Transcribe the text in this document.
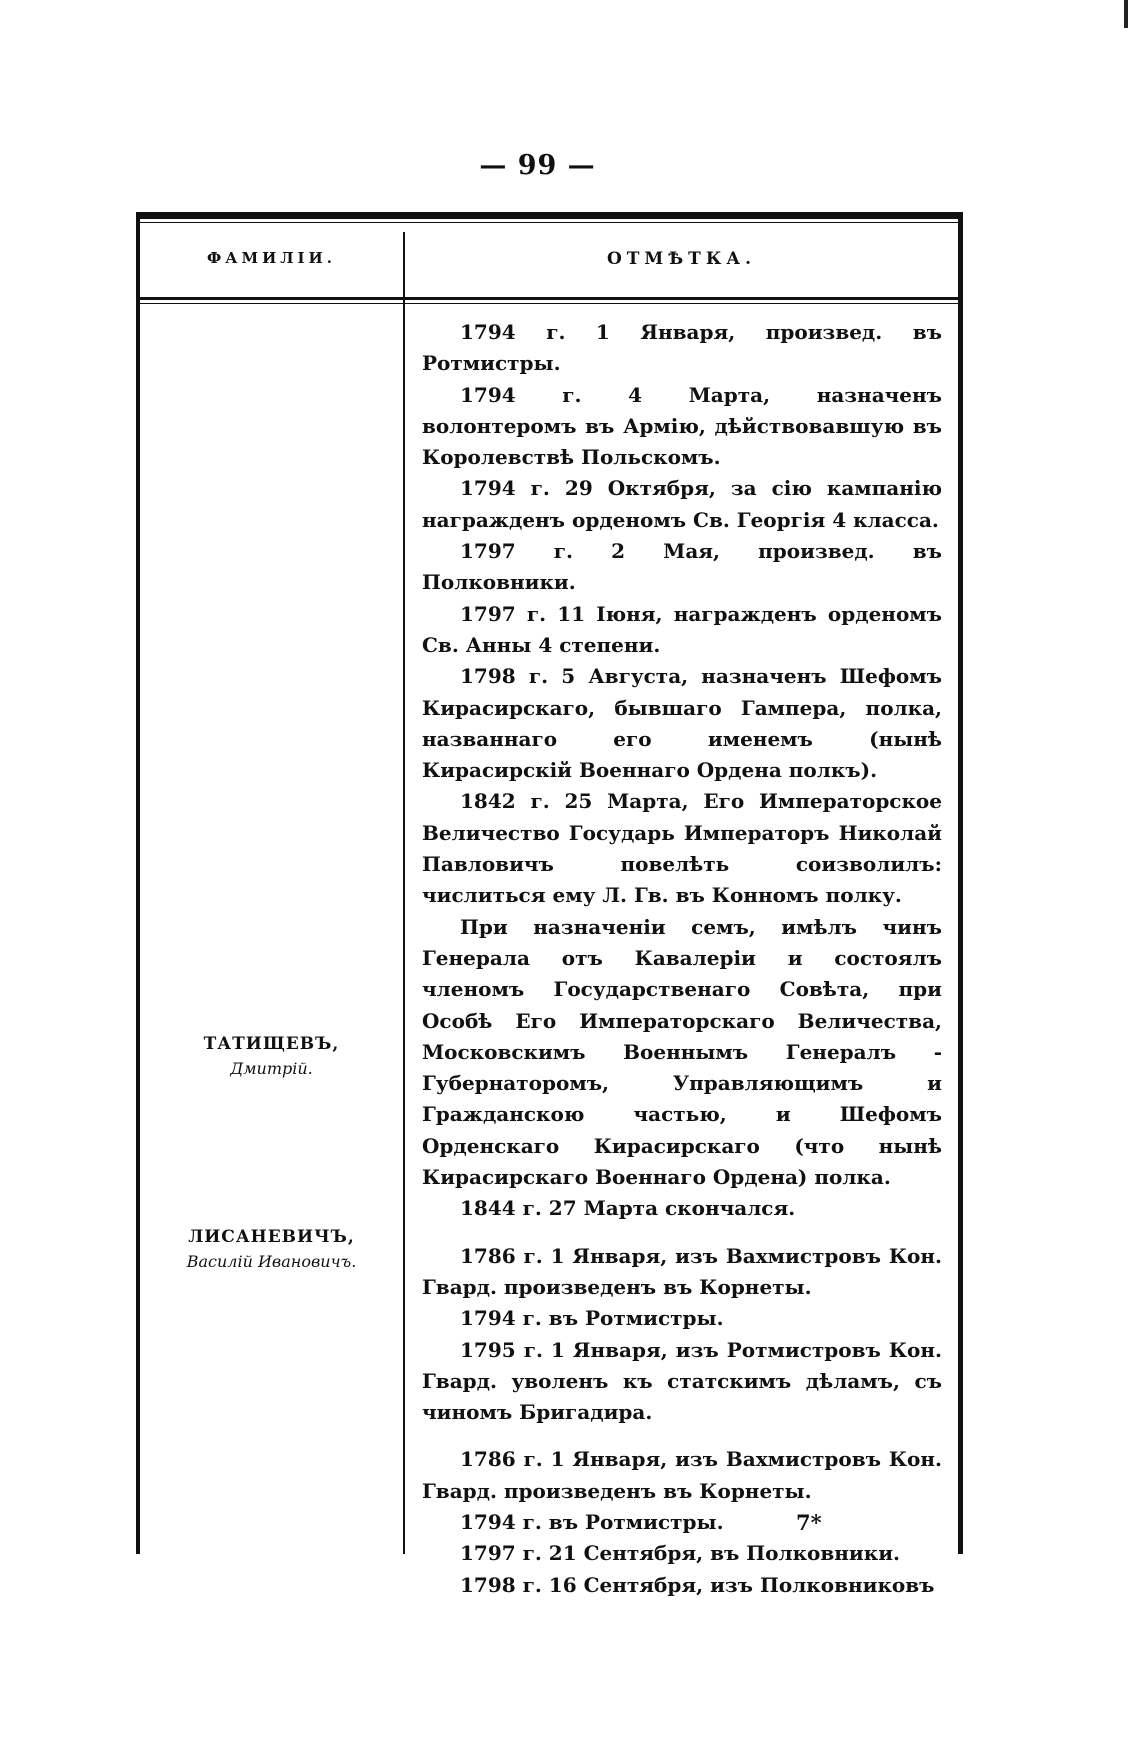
— 99 —
ФАМИЛІИ.	ОТМѢТКА.
ТАТИЩЕВЪ,
Дмитрій.
ЛИСАНЕВИЧЪ,
Василій Ивановичъ.

1794 г. 1 Января, произвед. въ Ротмистры.

1794 г. 4 Марта, назначенъ волонтеромъ въ Армію, дѣйствовавшую въ Королевствѣ Польскомъ.

1794 г. 29 Октября, за сію кампанію награжденъ орденомъ Св. Георгія 4 класса.

1797 г. 2 Мая, произвед. въ Полковники.

1797 г. 11 Іюня, награжденъ орденомъ Св. Анны 4 степени.

1798 г. 5 Августа, назначенъ Шефомъ Кирасирскаго, бывшаго Гампера, полка, названнаго его именемъ (нынѣ Кирасирскій Военнаго Ордена полкъ).

1842 г. 25 Марта, Его Императорское Величество Государь Императоръ Николай Павловичъ повелѣть соизволилъ: числиться ему Л. Гв. въ Конномъ полку.

При назначеніи семъ, имѣлъ чинъ Генерала отъ Кавалеріи и состоялъ членомъ Государственаго Совѣта, при Особѣ Его Императорскаго Величества, Московскимъ Военнымъ Генералъ - Губернаторомъ, Управляющимъ и Гражданскою частью, и Шефомъ Орденскаго Кирасирскаго (что нынѣ Кирасирскаго Военнаго Ордена) полка.

1844 г. 27 Марта скончался.

1786 г. 1 Января, изъ Вахмистровъ Кон. Гвард. произведенъ въ Корнеты.

1794 г. въ Ротмистры.

1795 г. 1 Января, изъ Ротмистровъ Кон. Гвард. уволенъ къ статскимъ дѣламъ, съ чиномъ Бригадира.

1786 г. 1 Января, изъ Вахмистровъ Кон. Гвард. произведенъ въ Корнеты.

1794 г. въ Ротмистры.

1797 г. 21 Сентября, въ Полковники.

1798 г. 16 Сентября, изъ Полковниковъ

7*
